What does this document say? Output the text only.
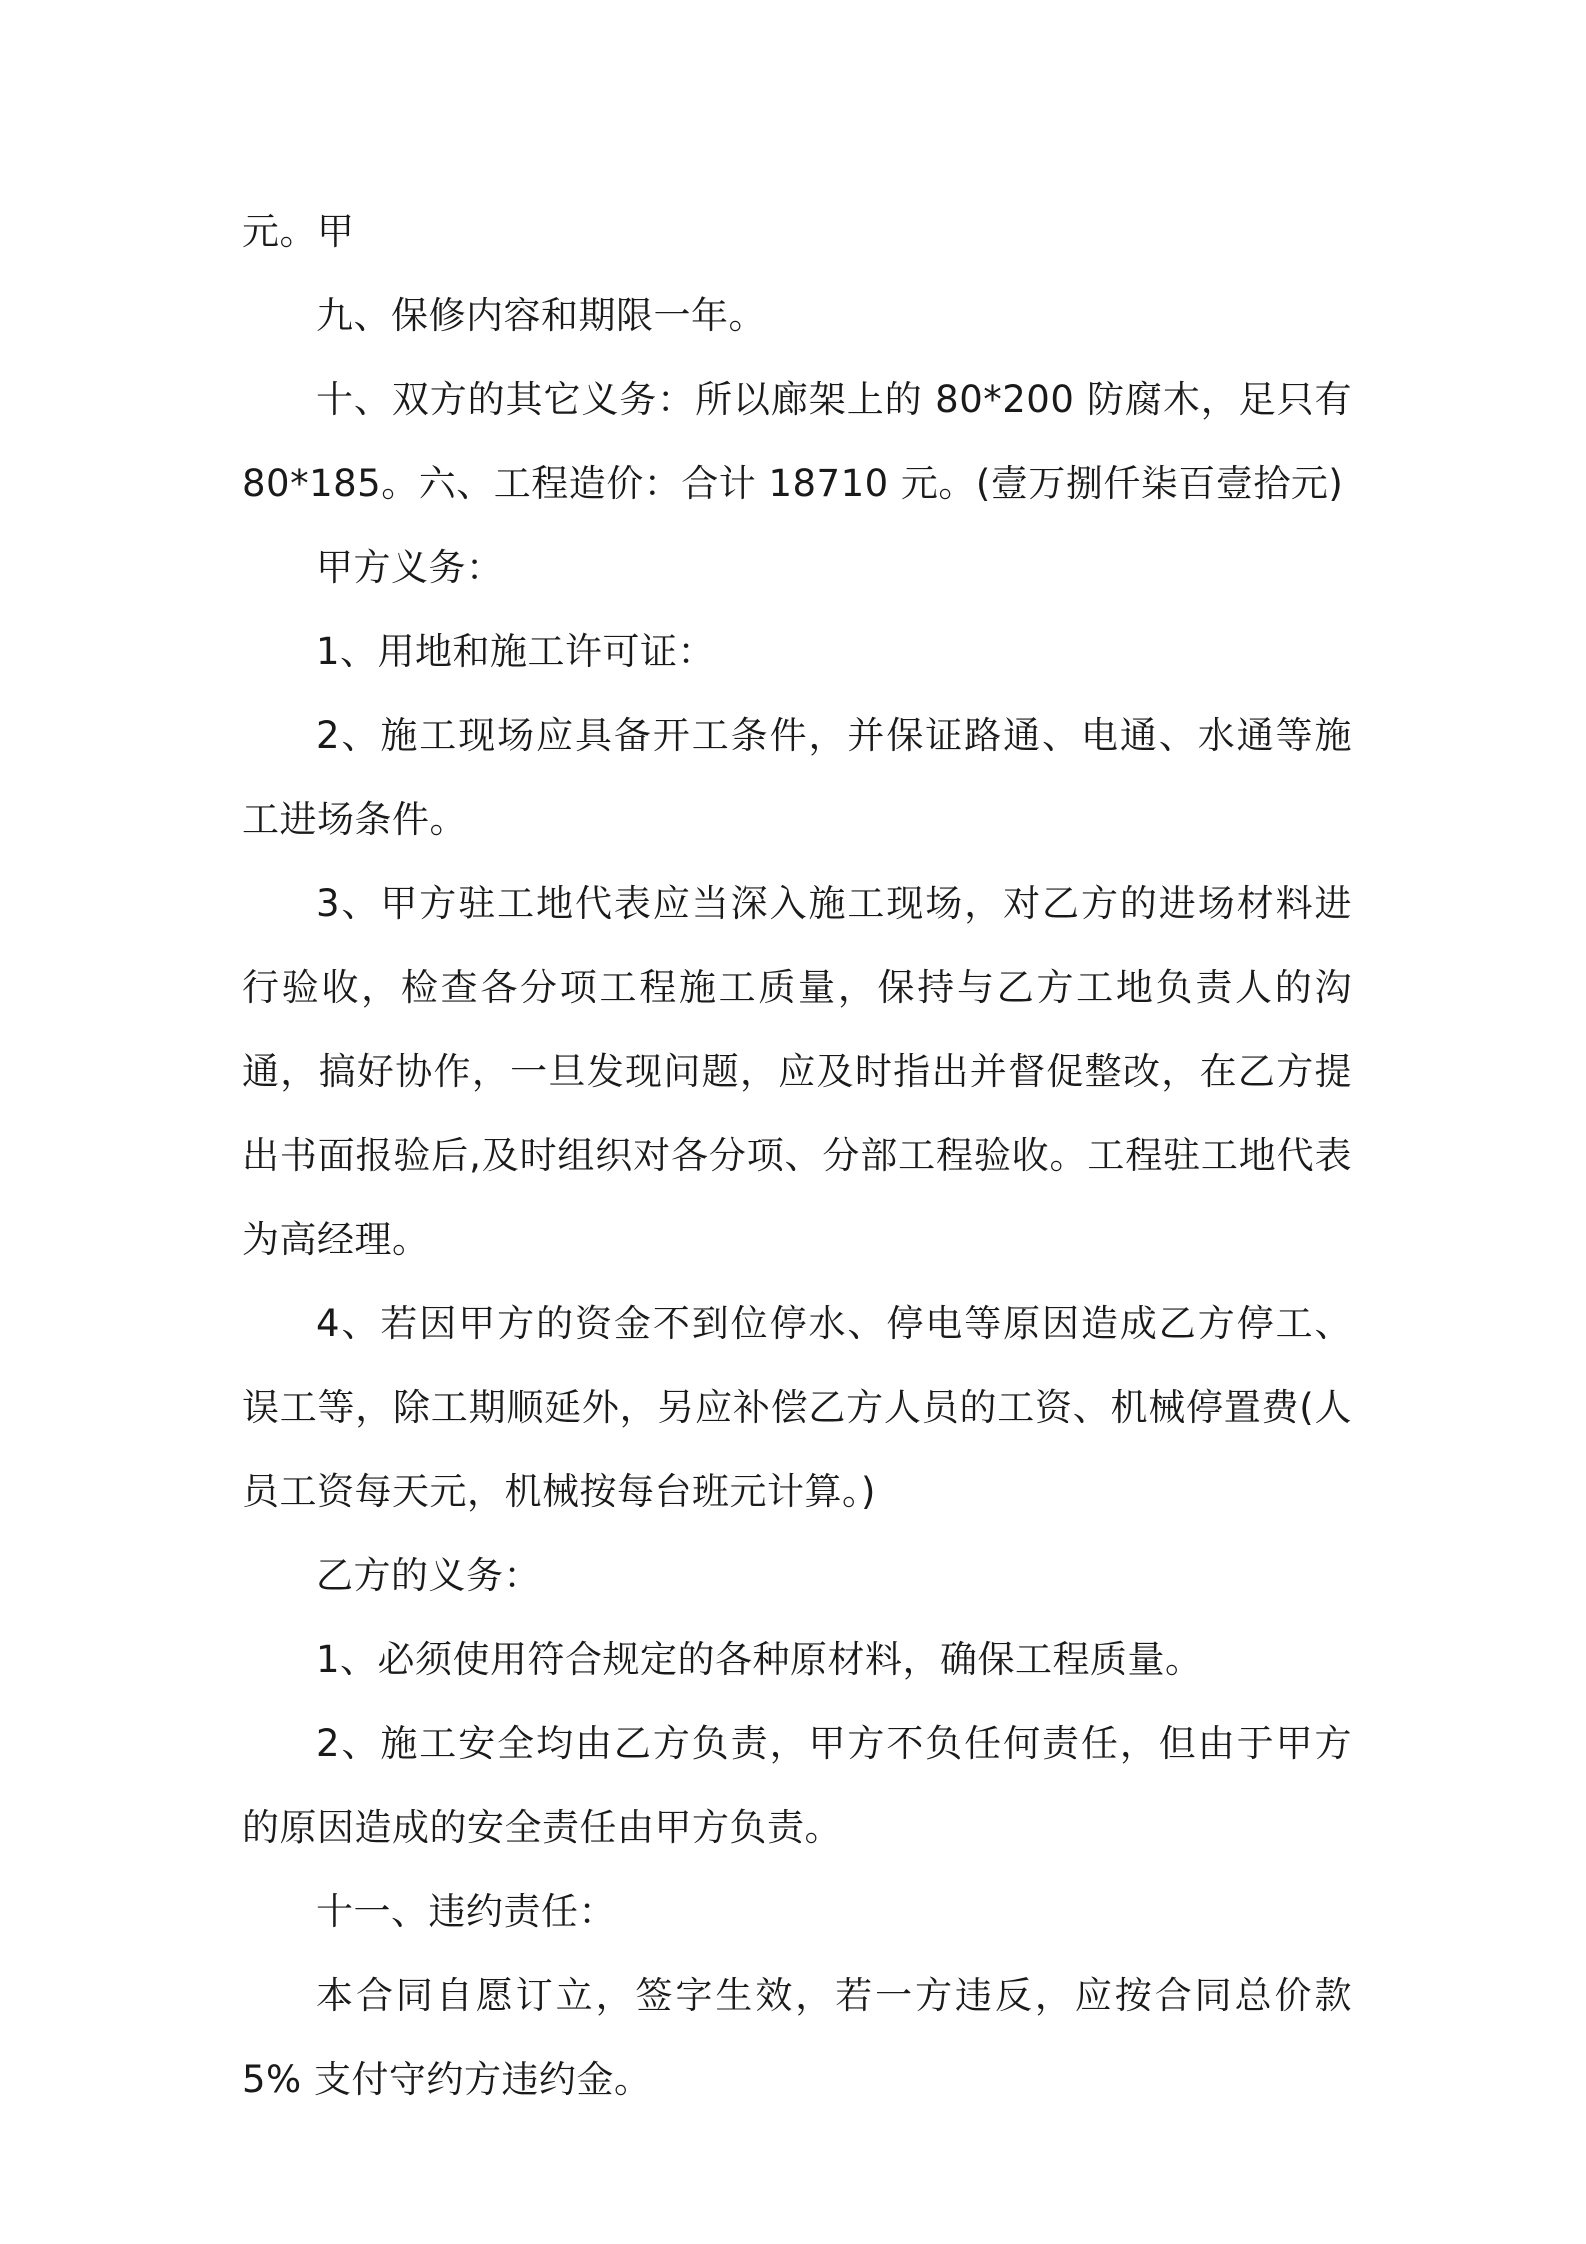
元。甲

九、保修内容和期限一年。

十、双方的其它义务：所以廊架上的 80*200 防腐木，足只有 80*185。六、工程造价：合计 18710 元。(壹万捌仟柒百壹拾元)

甲方义务：

1、用地和施工许可证：

2、施工现场应具备开工条件，并保证路通、电通、水通等施工进场条件。

3、甲方驻工地代表应当深入施工现场，对乙方的进场材料进行验收，检查各分项工程施工质量，保持与乙方工地负责人的沟通，搞好协作，一旦发现问题，应及时指出并督促整改，在乙方提出书面报验后,及时组织对各分项、分部工程验收。工程驻工地代表为高经理。

4、若因甲方的资金不到位停水、停电等原因造成乙方停工、误工等，除工期顺延外，另应补偿乙方人员的工资、机械停置费(人员工资每天元，机械按每台班元计算。)

乙方的义务：

1、必须使用符合规定的各种原材料，确保工程质量。

2、施工安全均由乙方负责，甲方不负任何责任，但由于甲方的原因造成的安全责任由甲方负责。

十一、违约责任：

本合同自愿订立，签字生效，若一方违反，应按合同总价款 5% 支付守约方违约金。
